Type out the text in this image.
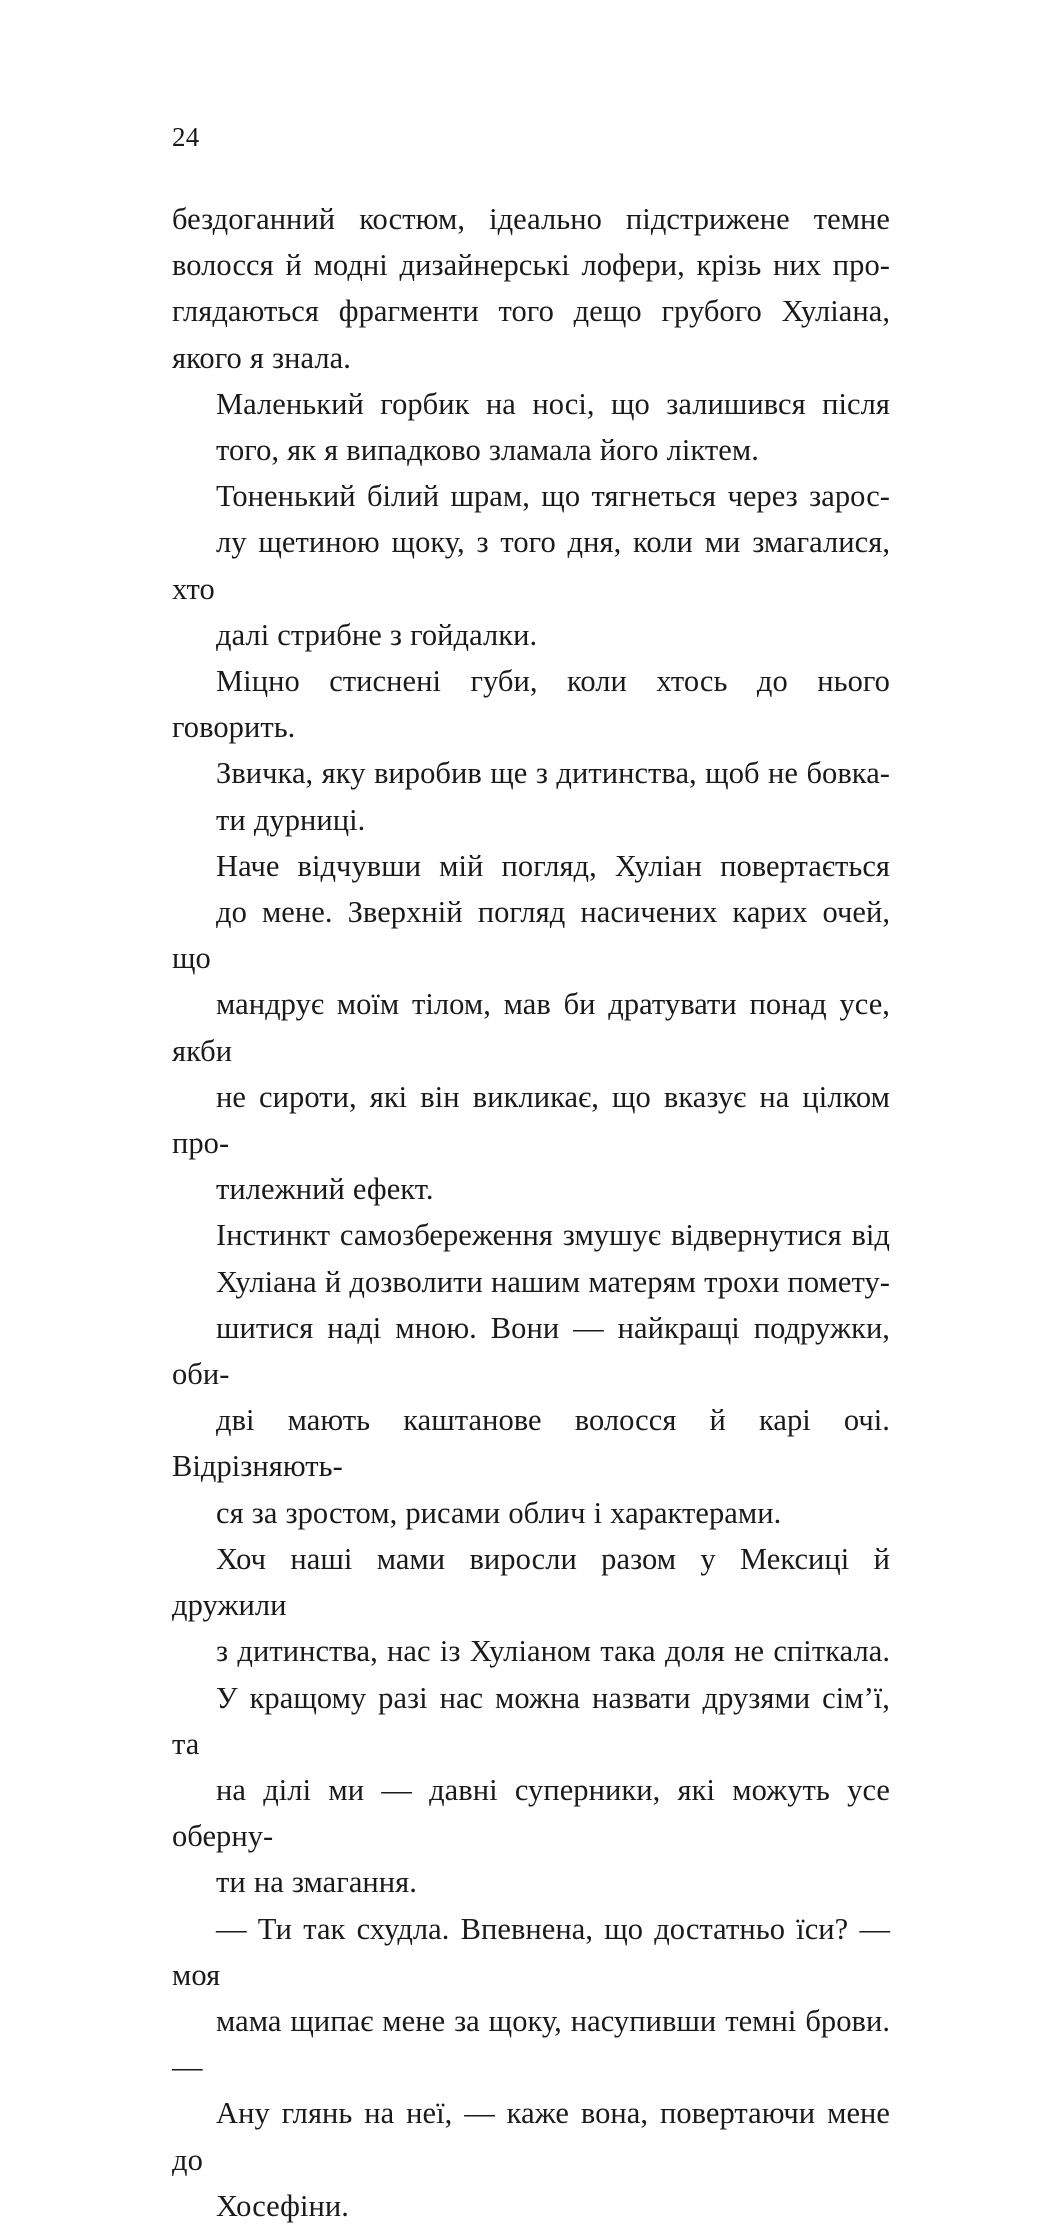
24

бездоганний костюм, ідеально підстрижене темне
волосся й модні дизайнерські лофери, крізь них про-
глядаються фрагменти того дещо грубого Хуліана,
якого я знала.

Маленький горбик на носі, що залишився після
того, як я випадково зламала його ліктем.

Тоненький білий шрам, що тягнеться через зарос-
лу щетиною щоку, з того дня, коли ми змагалися, хто
далі стрибне з гойдалки.

Міцно стиснені губи, коли хтось до нього говорить.
Звичка, яку виробив ще з дитинства, щоб не бовка-
ти дурниці.

Наче відчувши мій погляд, Хуліан повертається
до мене. Зверхній погляд насичених карих очей, що
мандрує моїм тілом, мав би дратувати понад усе, якби
не сироти, які він викликає, що вказує на цілком про-
тилежний ефект.

Інстинкт самозбереження змушує відвернутися від
Хуліана й дозволити нашим матерям трохи помету-
шитися наді мною. Вони — найкращі подружки, оби-
дві мають каштанове волосся й карі очі. Відрізняють-
ся за зростом, рисами облич і характерами.

Хоч наші мами виросли разом у Мексиці й дружили
з дитинства, нас із Хуліаном така доля не спіткала.
У кращому разі нас можна назвати друзями сім’ї, та
на ділі ми — давні суперники, які можуть усе оберну-
ти на змагання.

— Ти так схудла. Впевнена, що достатньо їси? — моя
мама щипає мене за щоку, насупивши темні брови. —
Ану глянь на неї, — каже вона, повертаючи мене до
Хосефіни.
